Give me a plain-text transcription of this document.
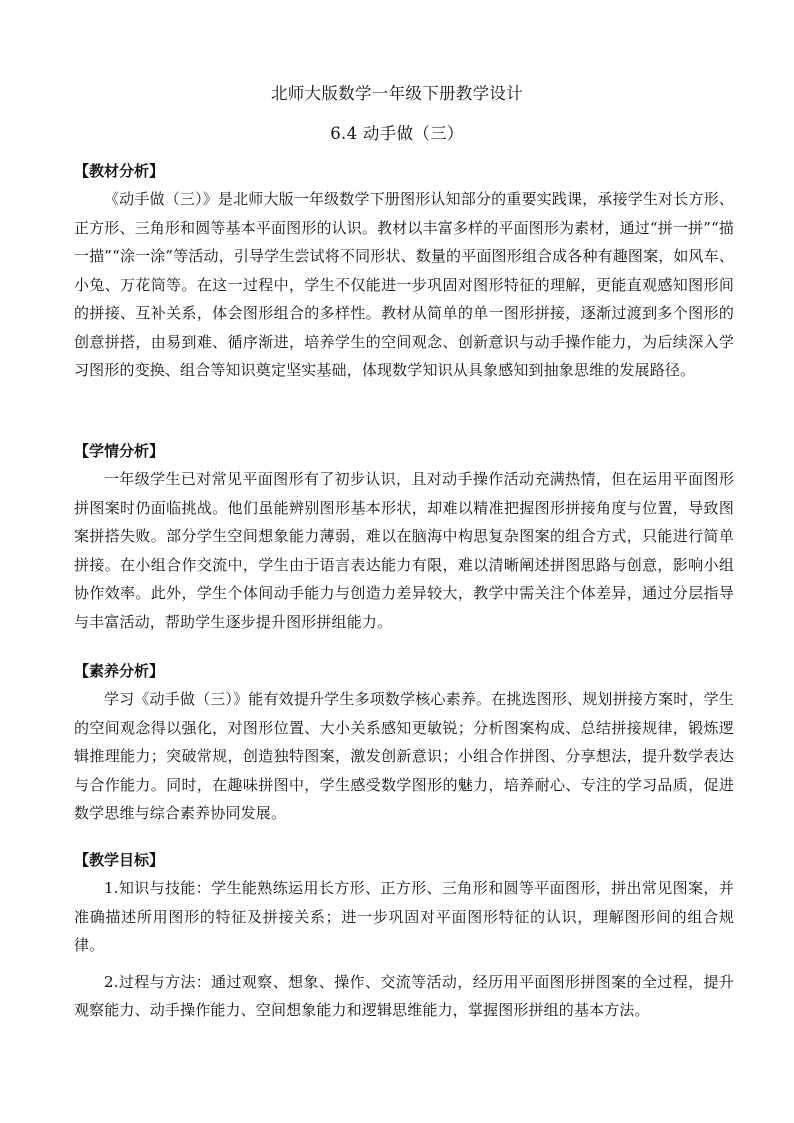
北师大版数学一年级下册教学设计
6.4 动手做（三）
【教材分析】
《动手做（三）》是北师大版一年级数学下册图形认知部分的重要实践课，承接学生对长方形、正方形、三角形和圆等基本平面图形的认识。教材以丰富多样的平面图形为素材，通过“拼一拼”“描一描”“涂一涂”等活动，引导学生尝试将不同形状、数量的平面图形组合成各种有趣图案，如风车、小兔、万花筒等。在这一过程中，学生不仅能进一步巩固对图形特征的理解，更能直观感知图形间的拼接、互补关系，体会图形组合的多样性。教材从简单的单一图形拼接，逐渐过渡到多个图形的创意拼搭，由易到难、循序渐进，培养学生的空间观念、创新意识与动手操作能力，为后续深入学习图形的变换、组合等知识奠定坚实基础，体现数学知识从具象感知到抽象思维的发展路径。
【学情分析】
一年级学生已对常见平面图形有了初步认识，且对动手操作活动充满热情，但在运用平面图形拼图案时仍面临挑战。他们虽能辨别图形基本形状，却难以精准把握图形拼接角度与位置，导致图案拼搭失败。部分学生空间想象能力薄弱，难以在脑海中构思复杂图案的组合方式，只能进行简单拼接。在小组合作交流中，学生由于语言表达能力有限，难以清晰阐述拼图思路与创意，影响小组协作效率。此外，学生个体间动手能力与创造力差异较大，教学中需关注个体差异，通过分层指导与丰富活动，帮助学生逐步提升图形拼组能力。
【素养分析】
学习《动手做（三）》能有效提升学生多项数学核心素养。在挑选图形、规划拼接方案时，学生的空间观念得以强化，对图形位置、大小关系感知更敏锐；分析图案构成、总结拼接规律，锻炼逻辑推理能力；突破常规，创造独特图案，激发创新意识；小组合作拼图、分享想法，提升数学表达与合作能力。同时，在趣味拼图中，学生感受数学图形的魅力，培养耐心、专注的学习品质，促进数学思维与综合素养协同发展。
【教学目标】
1.知识与技能：学生能熟练运用长方形、正方形、三角形和圆等平面图形，拼出常见图案，并准确描述所用图形的特征及拼接关系；进一步巩固对平面图形特征的认识，理解图形间的组合规律。
2.过程与方法：通过观察、想象、操作、交流等活动，经历用平面图形拼图案的全过程，提升观察能力、动手操作能力、空间想象能力和逻辑思维能力，掌握图形拼组的基本方法。
